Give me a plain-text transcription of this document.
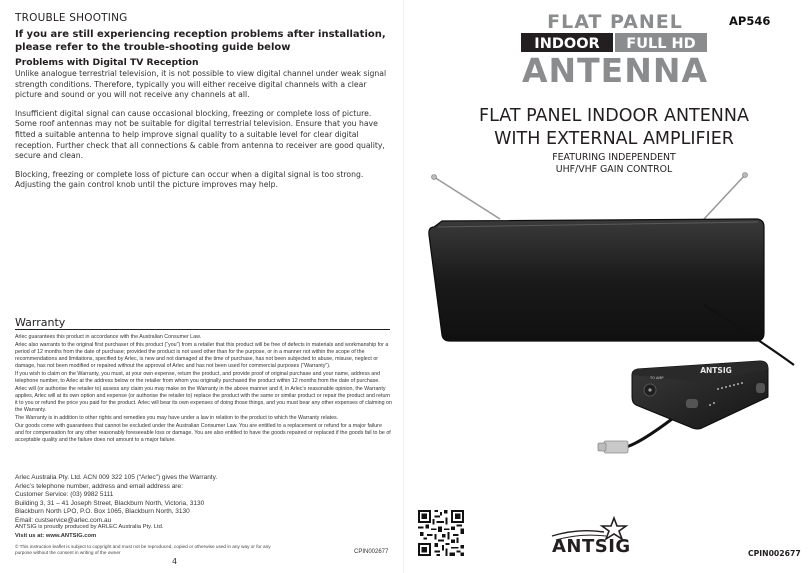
TROUBLE SHOOTING
If you are still experiencing reception problems after installation, please refer to the trouble-shooting guide below
Problems with Digital TV Reception

Unlike analogue terrestrial television, it is not possible to view digital channel under weak signal strength conditions. Therefore, typically you will either receive digital channels with a clear picture and sound or you will not receive any channels at all.

Insufficient digital signal can cause occasional blocking, freezing or complete loss of picture. Some roof antennas may not be suitable for digital terrestrial television. Ensure that you have fitted a suitable antenna to help improve signal quality to a suitable level for clear digital reception. Further check that all connections & cable from antenna to receiver are good quality, secure and clean.

Blocking, freezing or complete loss of picture can occur when a digital signal is too strong. Adjusting the gain control knob until the picture improves may help.

Warranty

Arlec guarantees this product in accordance with the Australian Consumer Law.

Arlec also warrants to the original first purchaser of this product (“you”) from a retailer that this product will be free of defects in materials and workmanship for a period of 12 months from the date of purchase; provided the product is not used other than for the purpose, or in a manner not within the scope of the recommendations and limitations, specified by Arlec, is new and not damaged at the time of purchase, has not been subjected to abuse, misuse, neglect or damage, has not been modified or repaired without the approval of Arlec and has not been used for commercial purposes (“Warranty”).

If you wish to claim on the Warranty, you must, at your own expense, return the product, and provide proof of original purchase and your name, address and telephone number, to Arlec at the address below or the retailer from whom you originally purchased the product within 12 months from the date of purchase.

Arlec will (or authorise the retailer to) assess any claim you may make on the Warranty in the above manner and if, in Arlec’s reasonable opinion, the Warranty applies, Arlec will at its own option and expense (or authorise the retailer to) replace the product with the same or similar product or repair the product and return it to you or refund the price you paid for the product. Arlec will bear its own expenses of doing those things, and you must bear any other expenses of claiming on the Warranty.

The Warranty is in addition to other rights and remedies you may have under a law in relation to the product to which the Warranty relates.

Our goods come with guarantees that cannot be excluded under the Australian Consumer Law. You are entitled to a replacement or refund for a major failure and for compensation for any other reasonably foreseeable loss or damage. You are also entitled to have the goods repaired or replaced if the goods fail to be of acceptable quality and the failure does not amount to a major failure.

Arlec Australia Pty. Ltd. ACN 009 322 105 (“Arlec”) gives the Warranty.

Arlec’s telephone number, address and email address are:

Customer Service: (03) 9982 5111

Building 3, 31 – 41 Joseph Street, Blackburn North, Victoria, 3130

Blackburn North LPO, P.O. Box 1065, Blackburn North, 3130

Email: custservice@arlec.com.au

ANTSIG is proudly produced by ARLEC Australia Pty. Ltd.
Visit us at: www.ANTSIG.com
© This instruction leaflet is subject to copyright and must not be reproduced, copied or otherwise used in any way or for any purpose without the consent in writing of the owner	CPIN002677
4
AP546
FLAT PANEL
INDOOR FULL HD
ANTENNA
FLAT PANEL INDOOR ANTENNA
WITH EXTERNAL AMPLIFIER
FEATURING INDEPENDENT
UHF/VHF GAIN CONTROL
ANTSIG
TO AMP
ANTSIG	CPIN002677
